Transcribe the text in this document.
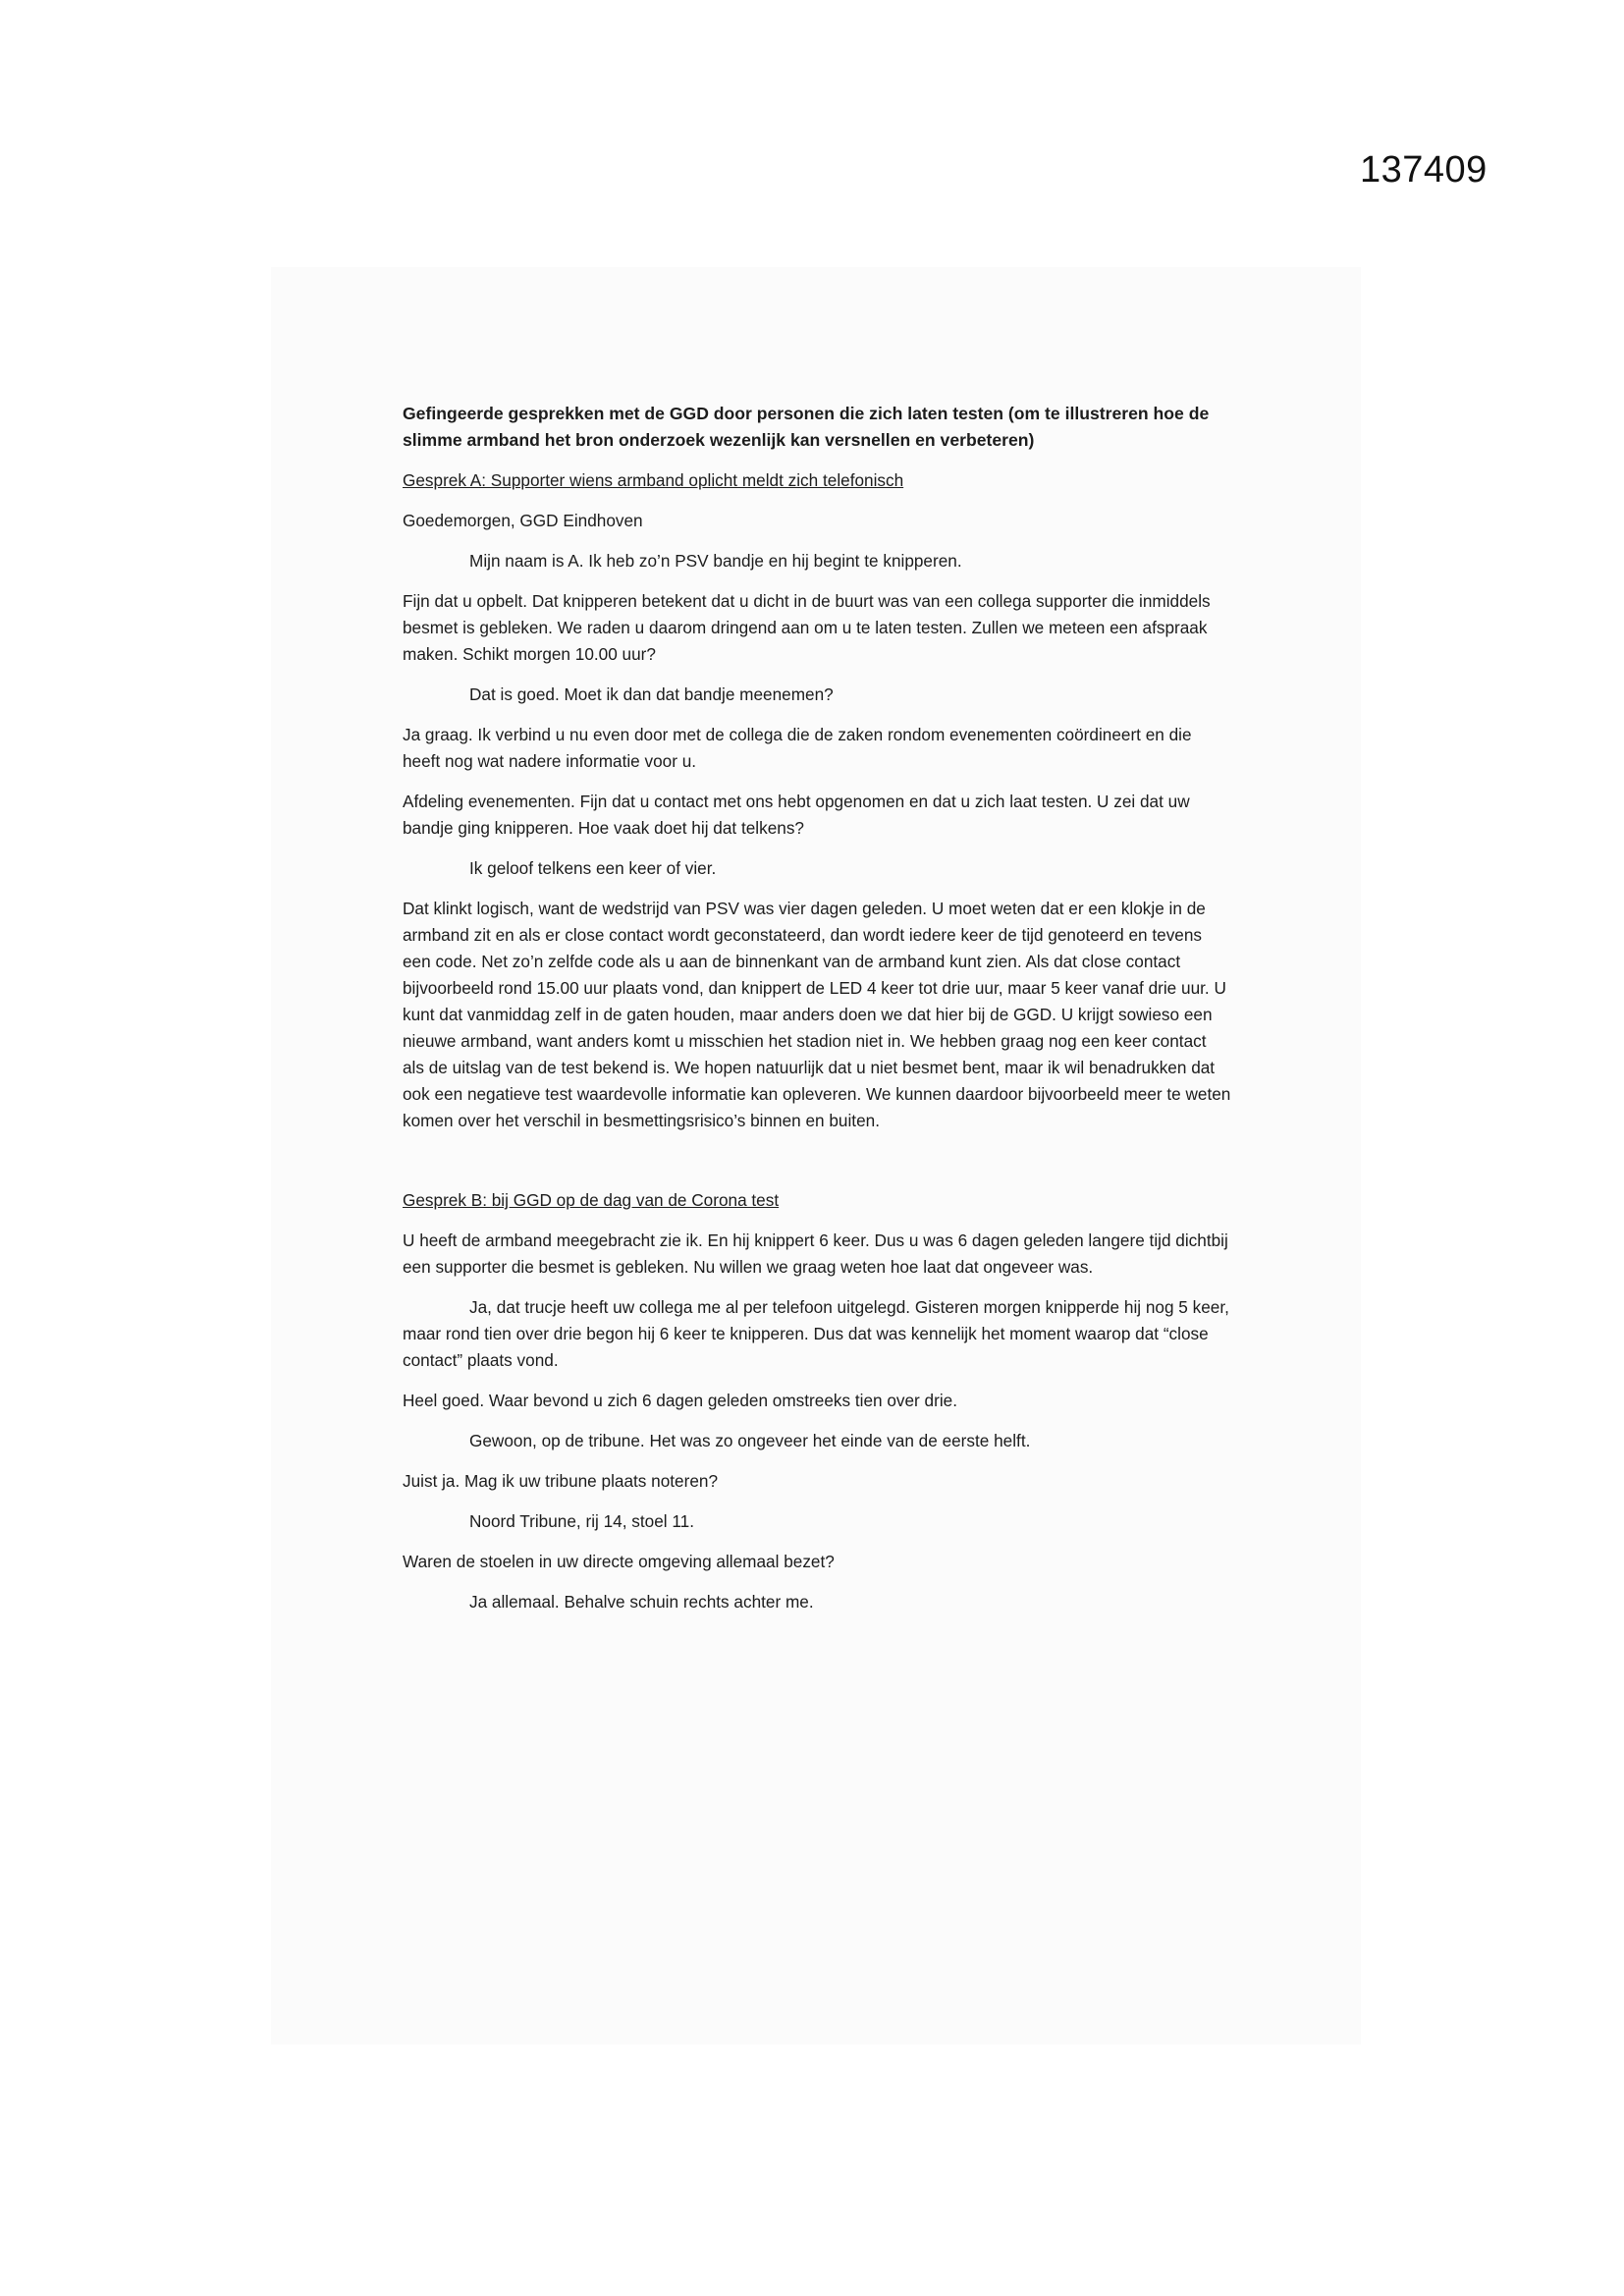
137409

Gefingeerde gesprekken met de GGD door personen die zich laten testen (om te illustreren hoe de slimme armband het bron onderzoek wezenlijk kan versnellen en verbeteren)

Gesprek A: Supporter wiens armband oplicht meldt zich telefonisch

Goedemorgen, GGD Eindhoven

Mijn naam is A. Ik heb zo’n PSV bandje en hij begint te knipperen.

Fijn dat u opbelt. Dat knipperen betekent dat u dicht in de buurt was van een collega supporter die inmiddels besmet is gebleken. We raden u daarom dringend aan om u te laten testen. Zullen we meteen een afspraak maken. Schikt morgen 10.00 uur?

Dat is goed. Moet ik dan dat bandje meenemen?

Ja graag. Ik verbind u nu even door met de collega die de zaken rondom evenementen coördineert en die heeft nog wat nadere informatie voor u.

Afdeling evenementen. Fijn dat u contact met ons hebt opgenomen en dat u zich laat testen. U zei dat uw bandje ging knipperen. Hoe vaak doet hij dat telkens?

Ik geloof telkens een keer of vier.

Dat klinkt logisch, want de wedstrijd van PSV was vier dagen geleden. U moet weten dat er een klokje in de armband zit en als er close contact wordt geconstateerd, dan wordt iedere keer de tijd genoteerd en tevens een code. Net zo’n zelfde code als u aan de binnenkant van de armband kunt zien. Als dat close contact bijvoorbeeld rond 15.00 uur plaats vond, dan knippert de LED 4 keer tot drie uur, maar 5 keer vanaf drie uur. U kunt dat vanmiddag zelf in de gaten houden, maar anders doen we dat hier bij de GGD. U krijgt sowieso een nieuwe armband, want anders komt u misschien het stadion niet in. We hebben graag nog een keer contact als de uitslag van de test bekend is. We hopen natuurlijk dat u niet besmet bent, maar ik wil benadrukken dat ook een negatieve test waardevolle informatie kan opleveren. We kunnen daardoor bijvoorbeeld meer te weten komen over het verschil in besmettingsrisico’s binnen en buiten.

Gesprek B: bij GGD op de dag van de Corona test

U heeft de armband meegebracht zie ik. En hij knippert 6 keer. Dus u was 6 dagen geleden langere tijd dichtbij een supporter die besmet is gebleken. Nu willen we graag weten hoe laat dat ongeveer was.

Ja, dat trucje heeft uw collega me al per telefoon uitgelegd. Gisteren morgen knipperde hij nog 5 keer, maar rond tien over drie begon hij 6 keer te knipperen. Dus dat was kennelijk het moment waarop dat “close contact” plaats vond.

Heel goed. Waar bevond u zich 6 dagen geleden omstreeks tien over drie.

Gewoon, op de tribune. Het was zo ongeveer het einde van de eerste helft.

Juist ja. Mag ik uw tribune plaats noteren?

Noord Tribune, rij 14, stoel 11.

Waren de stoelen in uw directe omgeving allemaal bezet?

Ja allemaal. Behalve schuin rechts achter me.
